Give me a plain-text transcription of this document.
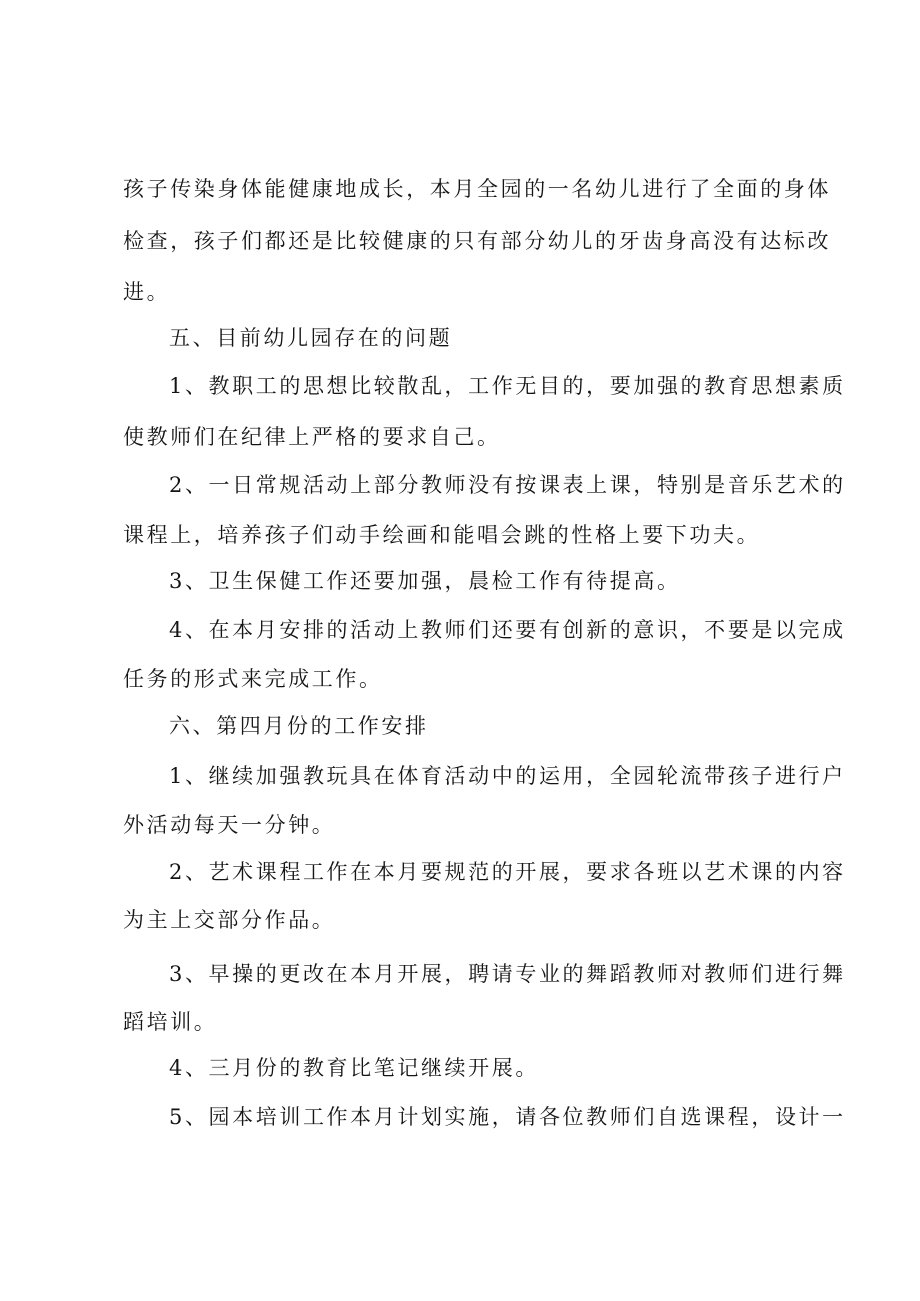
孩子传染身体能健康地成长，本月全园的一名幼儿进行了全面的身体

检查，孩子们都还是比较健康的只有部分幼儿的牙齿身高没有达标改

进。

五、目前幼儿园存在的问题

1、教职工的思想比较散乱，工作无目的，要加强的教育思想素质

使教师们在纪律上严格的要求自己。

2、一日常规活动上部分教师没有按课表上课，特别是音乐艺术的

课程上，培养孩子们动手绘画和能唱会跳的性格上要下功夫。

3、卫生保健工作还要加强，晨检工作有待提高。

4、在本月安排的活动上教师们还要有创新的意识，不要是以完成

任务的形式来完成工作。

六、第四月份的工作安排

1、继续加强教玩具在体育活动中的运用，全园轮流带孩子进行户

外活动每天一分钟。

2、艺术课程工作在本月要规范的开展，要求各班以艺术课的内容

为主上交部分作品。

3、早操的更改在本月开展，聘请专业的舞蹈教师对教师们进行舞

蹈培训。

4、三月份的教育比笔记继续开展。

5、园本培训工作本月计划实施，请各位教师们自选课程，设计一
